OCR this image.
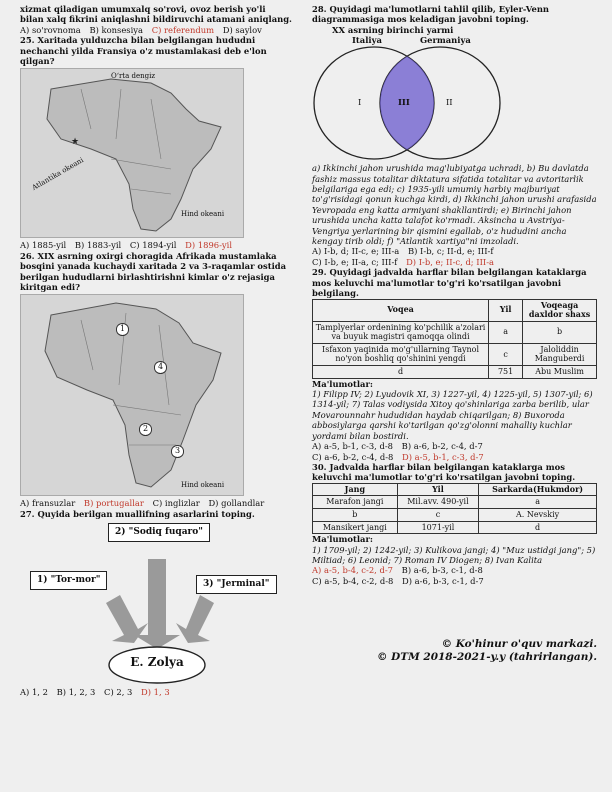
xizmat qiladigan umumxalq so'rovi, ovoz berish yo'li bilan xalq fikrini aniqlashni bildiruvchi atamani aniqlang.
A) so'rovnoma B) konsesiya C) referendum D) saylov
25. Xaritada yulduzcha bilan belgilangan hududni nechanchi yilda Fransiya o'z mustamlakasi deb e'lon qilgan?
★
Oʻrta dengiz
Atlantika okeani
Hind okeani
A) 1885-yil B) 1883-yil C) 1894-yil D) 1896-yil
26. XIX asrning oxirgi choragida Afrikada mustamlaka bosqini yanada kuchaydi xaritada 2 va 3-raqamlar ostida berilgan hududlarni birlashtirishni kimlar o'z rejasiga kiritgan edi?
1
4
2
3
Hind okeani
A) fransuzlar B) portugallar C) inglizlar D) gollandlar
27. Quyida berilgan muallifning asarlarini toping.
2) "Sodiq fuqaro"
1) "Tor-mor"	3) "Jerminal"
E. Zolya
A) 1, 2 B) 1, 2, 3 C) 2, 3 D) 1, 3
28. Quyidagi ma'lumotlarni tahlil qilib, Eyler-Venn diagrammasiga mos keladigan javobni toping.
XX asrning birinchi yarmi
Italiya	Germaniya
I	III	II
a) Ikkinchi jahon urushida mag'lubiyatga uchradi, b) Bu davlatda fashiz massus totalitar diktatura sifatida totalitar va avtoritarlik belgilariga ega edi; c) 1935-yili umumiy harbiy majburiyat to'g'risidagi qonun kuchga kirdi, d) Ikkinchi jahon urushi arafasida Yevropada eng katta armiyani shakllantirdi; e) Birinchi jahon urushida uncha katta talafot ko'rmadi. Aksincha u Avstriya-Vengriya yerlarining bir qismini egallab, o'z hududini ancha kengay tirib oldi; f) "Atlantik xartiya"ni imzoladi.
A) I-b, d; II-c, e; III-a B) I-b, c; II-d, e; III-f
C) I-b, e; II-a, c; III-f D) I-b, e; II-c, d; III-a
29. Quyidagi jadvalda harflar bilan belgilangan kataklarga mos keluvchi ma'lumotlar to'g'ri ko'rsatilgan javobni belgilang.
Voqea	Yil	Voqeaga daxldor shaxs
Tamplyerlar ordenining ko'pchilik a'zolari va buyuk magistri qamoqqa olindi	a	b
Isfaxon yaqinida mo'g'ullarning Taynol no'yon boshliq qo'shinini yengdi	c	Jaloliddin Manguberdi
d	751	Abu Muslim
Ma'lumotlar:
1) Filipp IV; 2) Lyudovik XI, 3) 1227-yil, 4) 1225-yil, 5) 1307-yil; 6) 1314-yil; 7) Talas vodiysida Xitoy qo'shinlariga zarba berilib, ular Movarounnahr hududidan haydab chiqarilgan; 8) Buxoroda abbosiylarga qarshi ko'tarilgan qo'zg'olonni mahalliy kuchlar yordami bilan bostirdi.
A) a-5, b-1, c-3, d-8 B) a-6, b-2, c-4, d-7
C) a-6, b-2, c-4, d-8 D) a-5, b-1, c-3, d-7
30. Jadvalda harflar bilan belgilangan kataklarga mos keluvchi ma'lumotlar to'g'ri ko'rsatilgan javobni toping.
Jang	Yil	Sarkarda(Hukmdor)
Marafon jangi	Mil.avv. 490-yil	a
b	c	A. Nevskiy
Mansikert jangi	1071-yil	d
Ma'lumotlar:
1) 1709-yil; 2) 1242-yil; 3) Kulikova jangi; 4) "Muz ustidgi jang"; 5) Miltiad; 6) Leonid; 7) Roman IV Diogen; 8) Ivan Kalita
A) a-5, b-4, c-2, d-7 B) a-6, b-3, c-1, d-8
C) a-5, b-4, c-2, d-8 D) a-6, b-3, c-1, d-7
© Ko'hinur o'quv markazi.
© DTM 2018-2021-y.y (tahrirlangan).
